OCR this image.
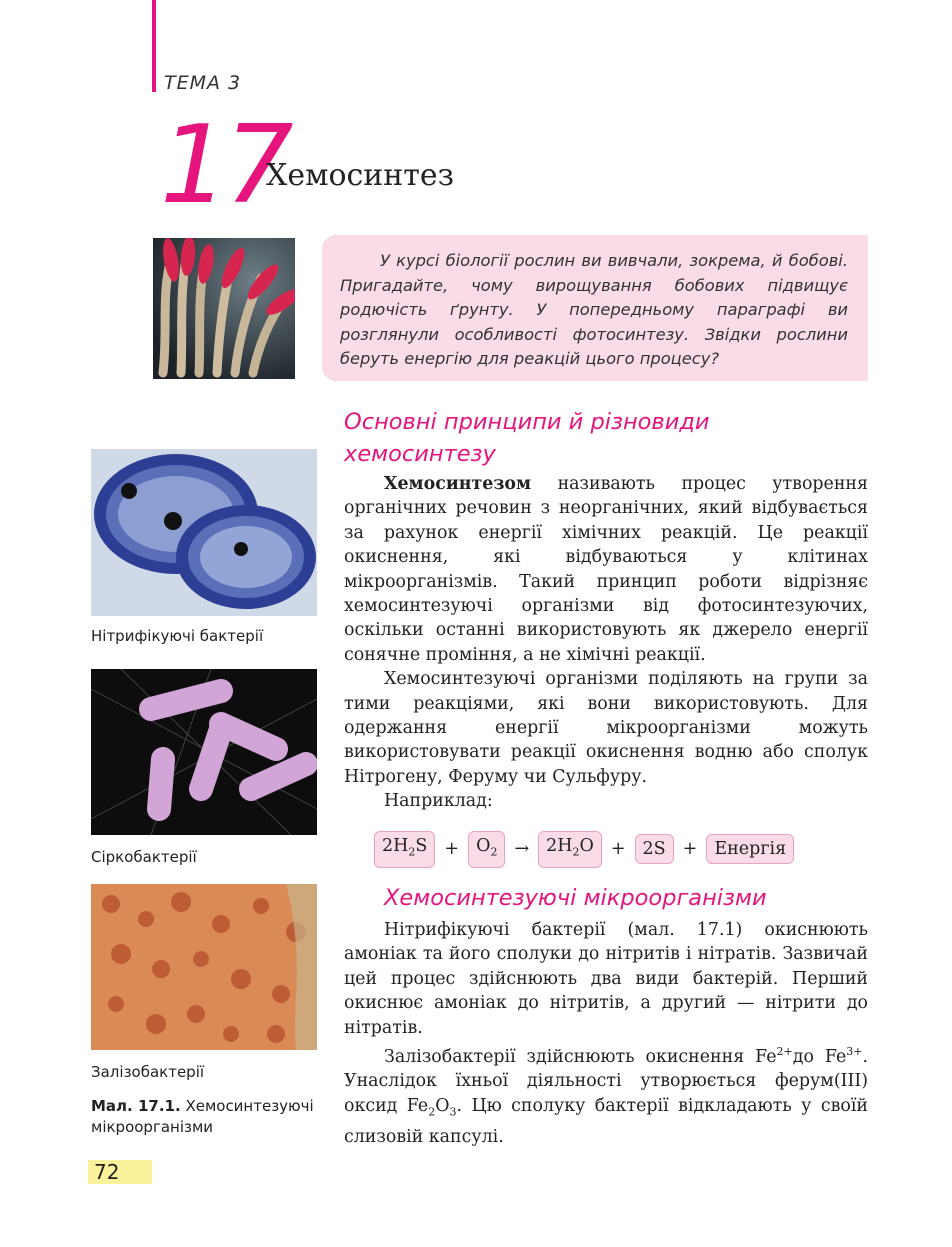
ТЕМА 3
17
Хемосинтез
У курсі біології рослин ви вивчали, зокрема, й бобові. Пригадайте, чому вирощування бобових підвищує родючість ґрунту. У попередньому параграфі ви розглянули особливості фотосинтезу. Звідки рослини беруть енергію для реакцій цього процесу?
Нітрифікуючі бактерії
Сіркобактерії
Залізобактерії
Мал. 17.1. Хемосинтезуючі мікроорганізми
Основні принципи й різновиди хемосинтезу

Хемосинтезом називають процес утворення органічних речовин з неорганічних, який відбувається за рахунок енергії хімічних реакцій. Це реакції окиснення, які відбуваються у клітинах мікроорганізмів. Такий принцип роботи відрізняє хемосинтезуючі організми від фотосинтезуючих, оскільки останні використовують як джерело енергії сонячне проміння, а не хімічні реакції.

Хемосинтезуючі організми поділяють на групи за тими реакціями, які вони використовують. Для одержання енергії мікроорганізми можуть використовувати реакції окиснення водню або сполук Нітрогену, Феруму чи Сульфуру.

Наприклад:

$2H_2S + O_2 \to 2H_2O + 2S$ + Енергія
Хемосинтезуючі мікроорганізми

Нітрифікуючі бактерії (мал. 17.1) окиснюють амоніак та його сполуки до нітритів і нітратів. Зазвичай цей процес здійснюють два види бактерій. Перший окиснює амоніак до нітритів, а другий — нітрити до нітратів.

Залізобактерії здійснюють окиснення $Fe^{2+}до$ $Fe^{3+}$. Унаслідок їхньої діяльності утворюється ферум(ІІІ) оксид $Fe_2O_3$. Цю сполуку бактерії відкладають у своїй слизовій капсулі.

72
